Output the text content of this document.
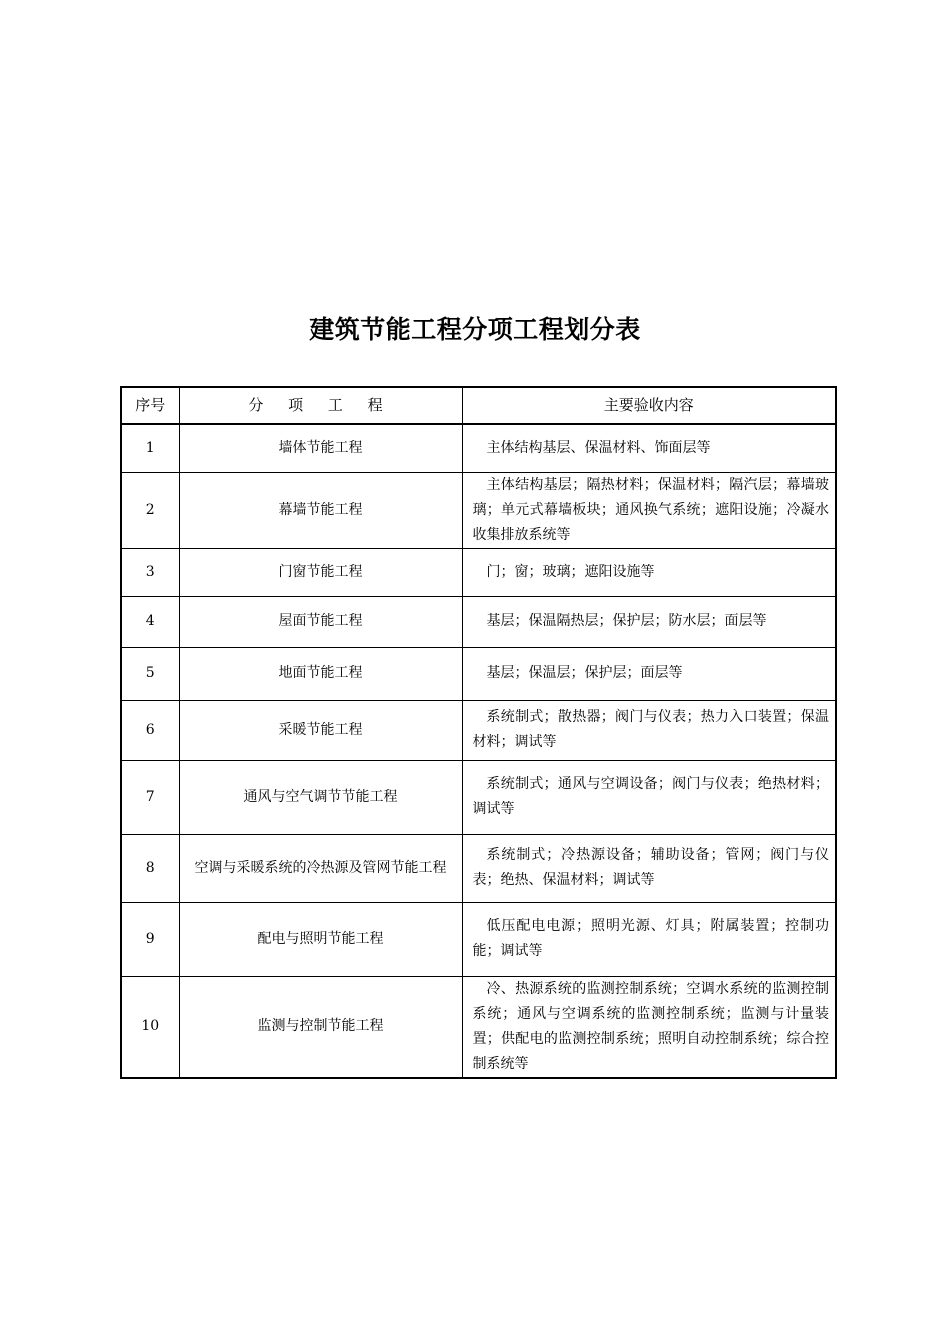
建筑节能工程分项工程划分表
序号	分 项 工 程	主要验收内容
1	墙体节能工程	主体结构基层、保温材料、饰面层等
2	幕墙节能工程	主体结构基层；隔热材料；保温材料；隔汽层；幕墙玻璃；单元式幕墙板块；通风换气系统；遮阳设施；冷凝水收集排放系统等
3	门窗节能工程	门；窗；玻璃；遮阳设施等
4	屋面节能工程	基层；保温隔热层；保护层；防水层；面层等
5	地面节能工程	基层；保温层；保护层；面层等
6	采暖节能工程	系统制式；散热器；阀门与仪表；热力入口装置；保温材料；调试等
7	通风与空气调节节能工程	系统制式；通风与空调设备；阀门与仪表；绝热材料；调试等
8	空调与采暖系统的冷热源及管网节能工程	系统制式；冷热源设备；辅助设备；管网；阀门与仪表；绝热、保温材料；调试等
9	配电与照明节能工程	低压配电电源；照明光源、灯具；附属装置；控制功能；调试等
10	监测与控制节能工程	冷、热源系统的监测控制系统；空调水系统的监测控制系统；通风与空调系统的监测控制系统；监测与计量装置；供配电的监测控制系统；照明自动控制系统；综合控制系统等
